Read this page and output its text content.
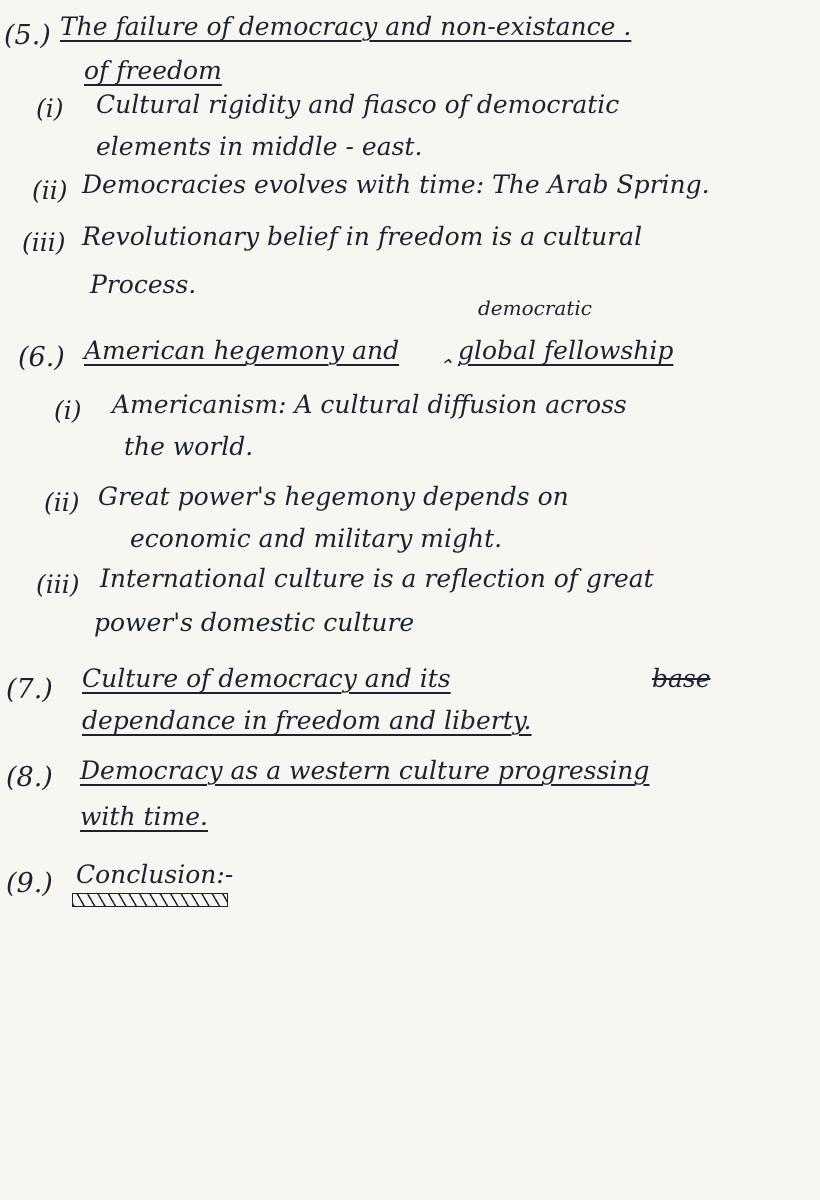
(5.) The failure of democracy and non-existance .
of freedom
(i) Cultural rigidity and fiasco of democratic
elements in middle - east.
(ii) Democracies evolves with time: The Arab Spring.
(iii) Revolutionary belief in freedom is a cultural
Process.
democratic
(6.) American hegemony and
⌃
global fellowship
(i) Americanism: A cultural diffusion across
the world.
(ii) Great power's hegemony depends on
economic and military might.
(iii) International culture is a reflection of great
power's domestic culture
(7.) Culture of democracy and its	base
dependance in freedom and liberty.
(8.) Democracy as a western culture progressing
with time.
(9.) Conclusion:-
